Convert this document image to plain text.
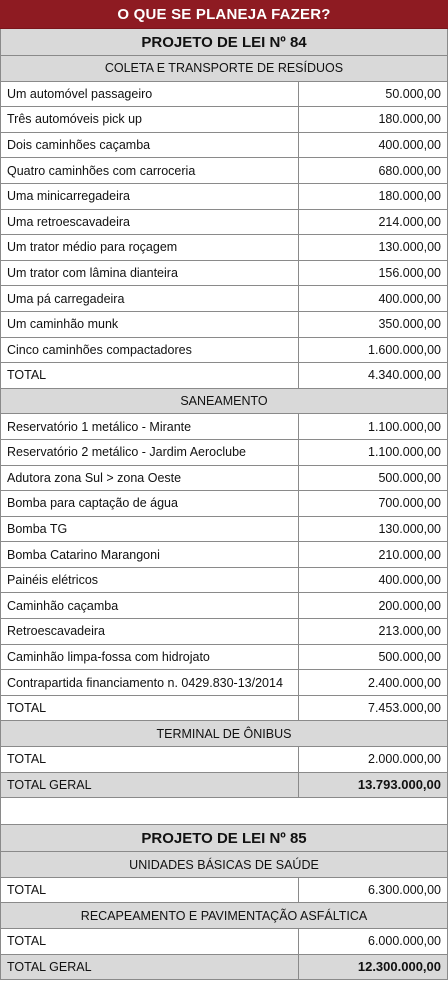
O QUE SE PLANEJA FAZER?
PROJETO DE LEI Nº 84
COLETA E TRANSPORTE DE RESÍDUOS
Um automóvel passageiro	50.000,00
Três automóveis pick up	180.000,00
Dois caminhões caçamba	400.000,00
Quatro caminhões com carroceria	680.000,00
Uma minicarregadeira	180.000,00
Uma retroescavadeira	214.000,00
Um trator médio para roçagem	130.000,00
Um trator com lâmina dianteira	156.000,00
Uma pá carregadeira	400.000,00
Um caminhão munk	350.000,00
Cinco caminhões compactadores	1.600.000,00
TOTAL	4.340.000,00
SANEAMENTO
Reservatório 1 metálico - Mirante	1.100.000,00
Reservatório 2 metálico - Jardim Aeroclube	1.100.000,00
Adutora zona Sul > zona Oeste	500.000,00
Bomba para captação de água	700.000,00
Bomba TG	130.000,00
Bomba Catarino Marangoni	210.000,00
Painéis elétricos	400.000,00
Caminhão caçamba	200.000,00
Retroescavadeira	213.000,00
Caminhão limpa-fossa com hidrojato	500.000,00
Contrapartida financiamento n. 0429.830-13/2014	2.400.000,00
TOTAL	7.453.000,00
TERMINAL DE ÔNIBUS
TOTAL	2.000.000,00
TOTAL GERAL	13.793.000,00
PROJETO DE LEI Nº 85
UNIDADES BÁSICAS DE SAÚDE
TOTAL	6.300.000,00
RECAPEAMENTO E PAVIMENTAÇÃO ASFÁLTICA
TOTAL	6.000.000,00
TOTAL GERAL	12.300.000,00
